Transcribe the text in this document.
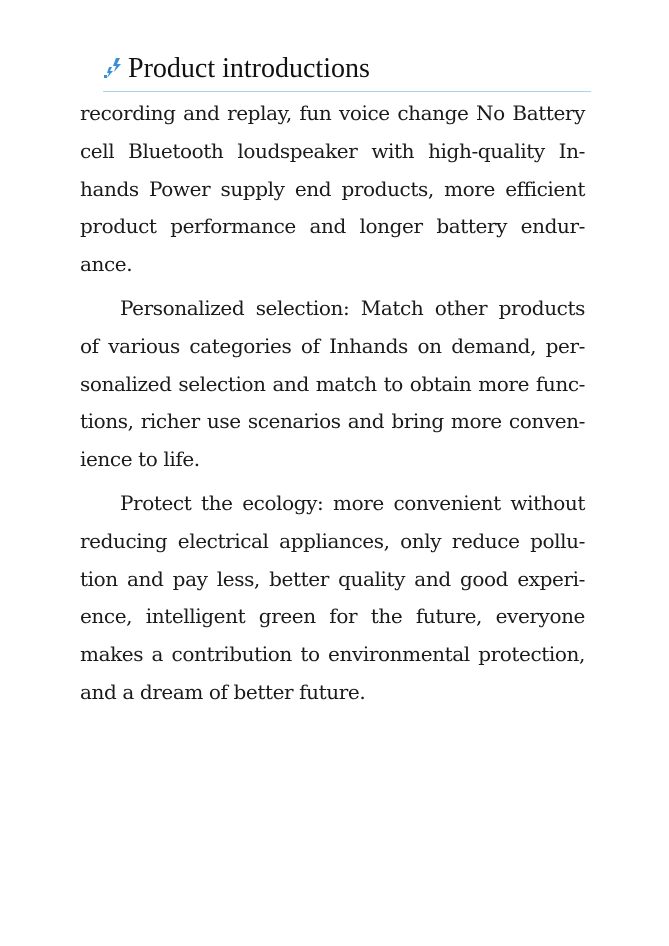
Product introductions

recording and replay, fun voice change No Battery
cell Bluetooth loudspeaker with high-quality In-
hands Power supply end products, more efficient
product performance and longer battery endur-
ance.

Personalized selection: Match other products
of various categories of Inhands on demand, per-
sonalized selection and match to obtain more func-
tions, richer use scenarios and bring more conven-
ience to life.

Protect the ecology: more convenient without
reducing electrical appliances, only reduce pollu-
tion and pay less, better quality and good experi-
ence, intelligent green for the future, everyone
makes a contribution to environmental protection,
and a dream of better future.
